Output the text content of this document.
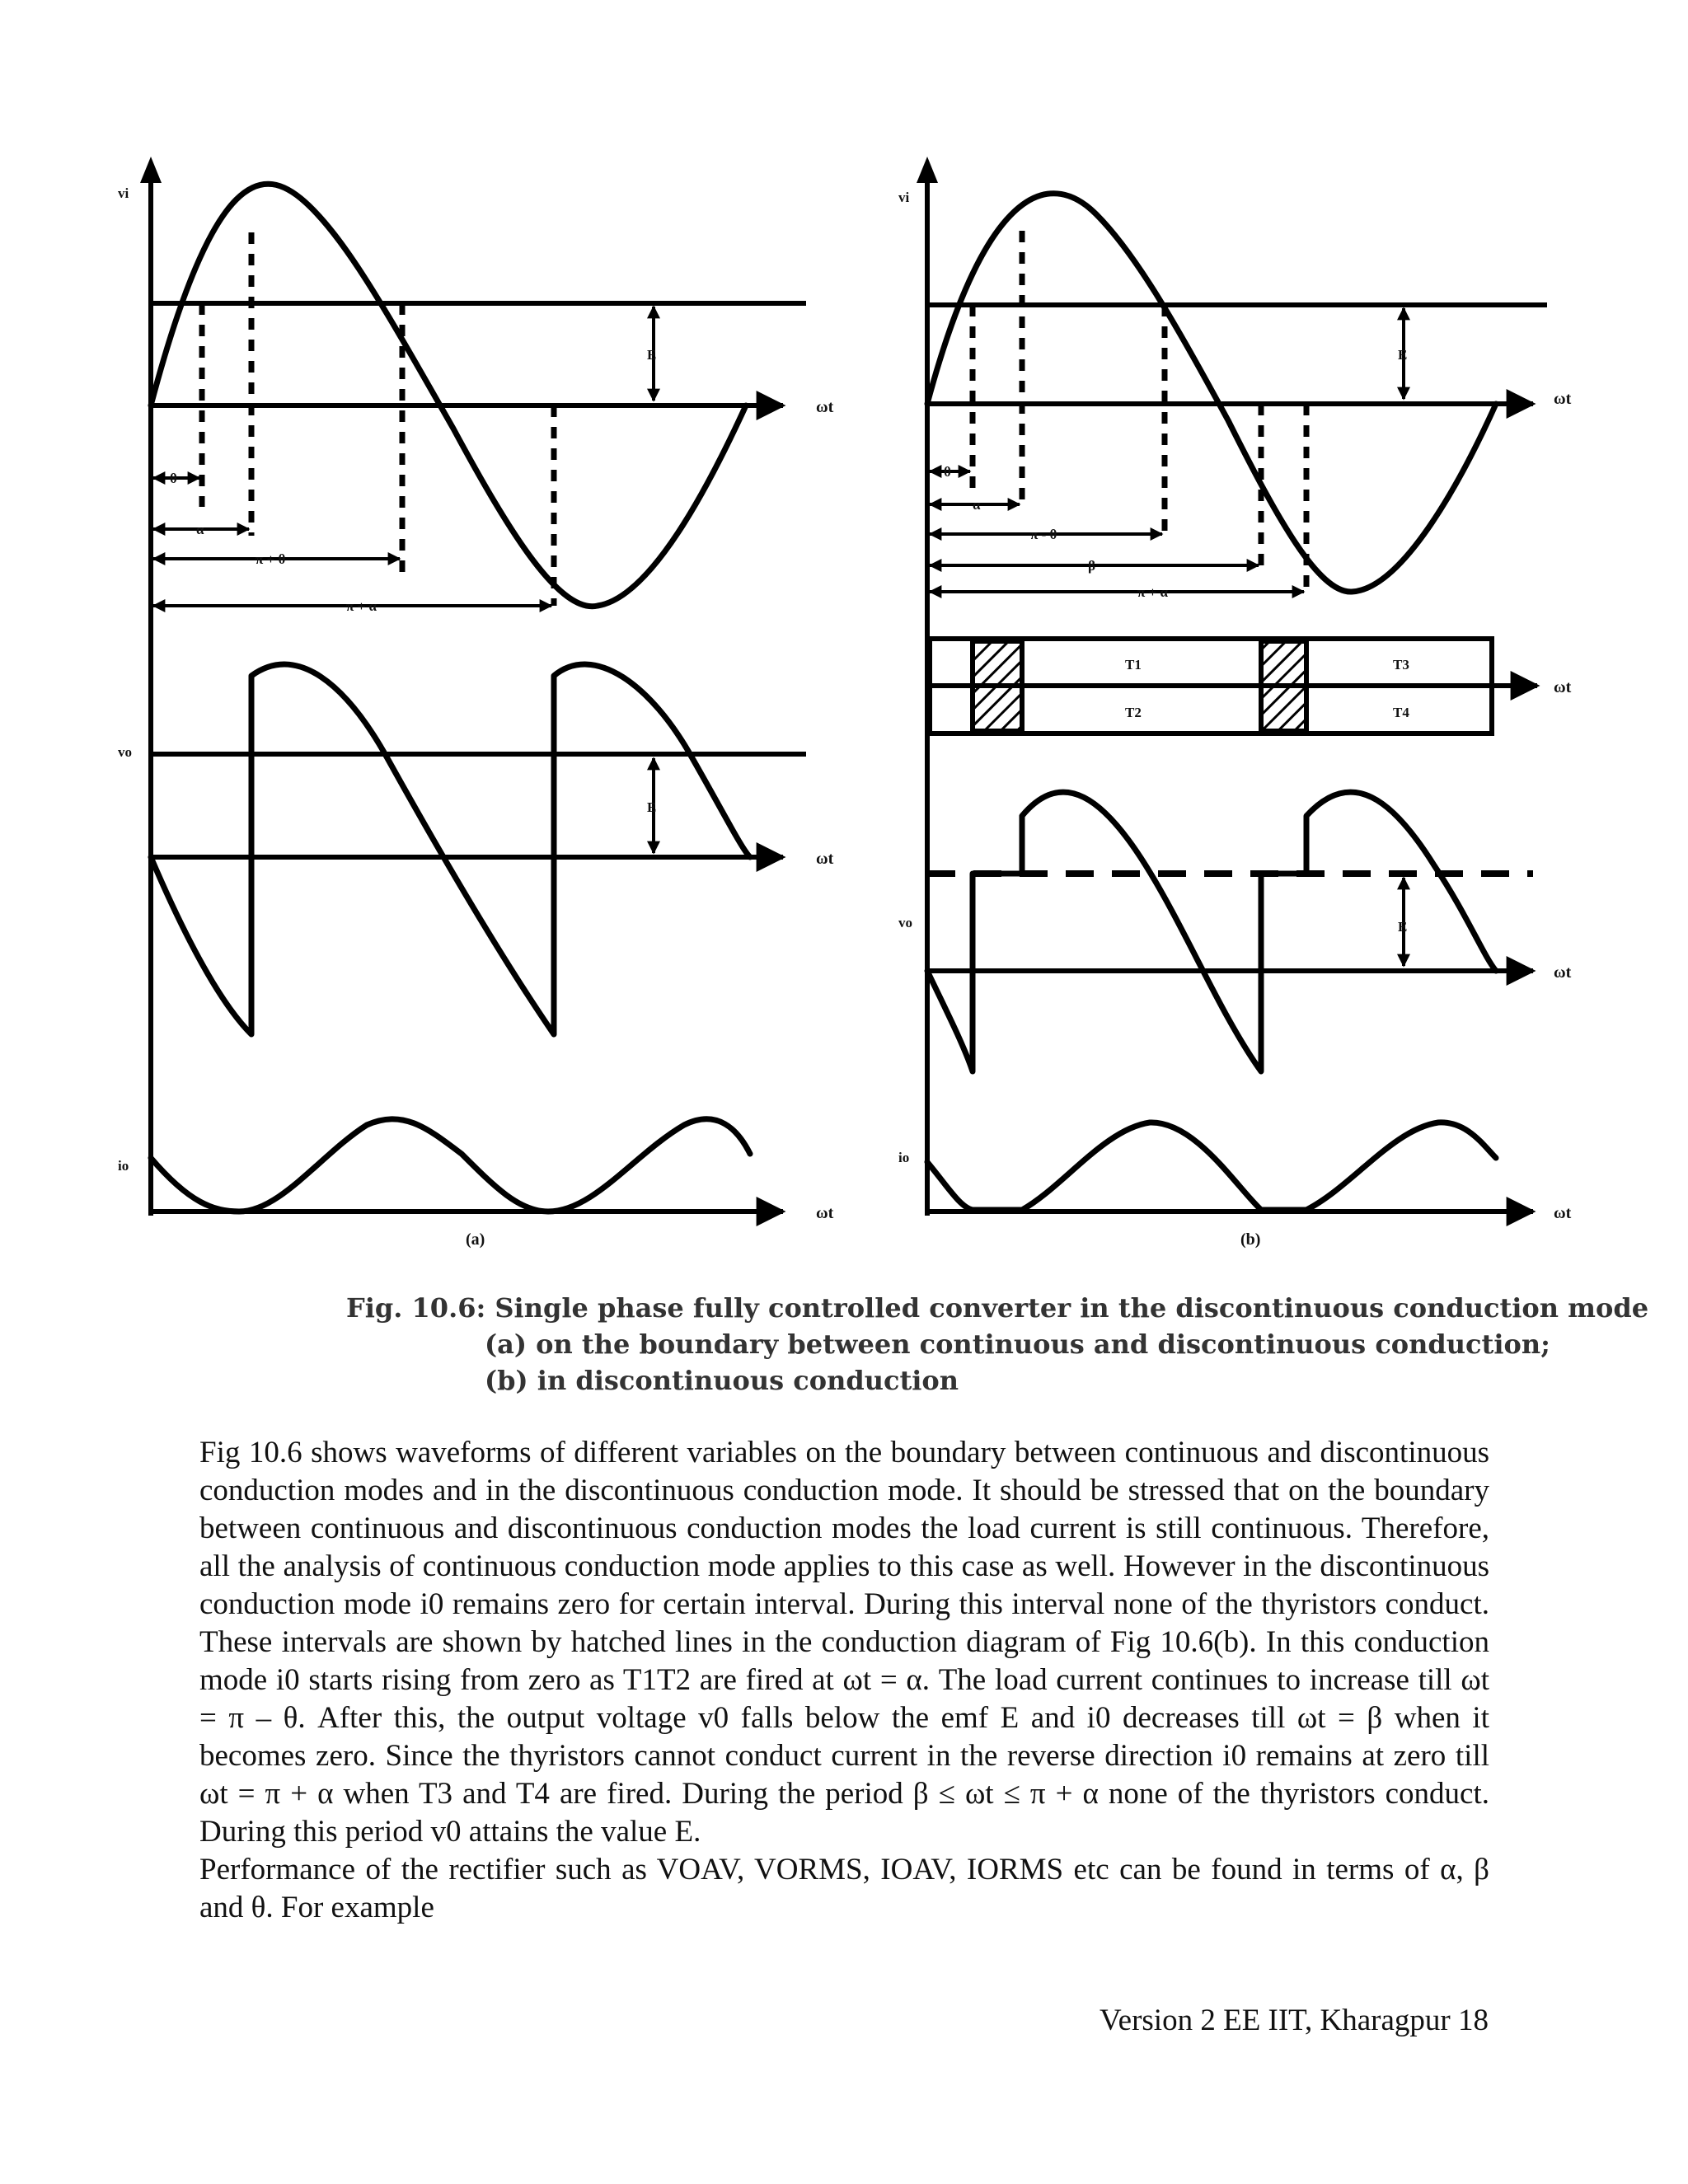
vi
ωt
E
θ
α
π + θ
π + α
vo
ωt
E
io
ωt
(a)
vi
ωt
E
θ
α
π - θ
β
π + α
ωt
T1
T2
T3
T4
vo
ωt
E
io
ωt
(b)
Fig. 10.6: Single phase fully controlled converter in the discontinuous conduction mode
(a) on the boundary between continuous and discontinuous conduction;
(b) in discontinuous conduction

Fig 10.6 shows waveforms of different variables on the boundary between continuous and discontinuous conduction modes and in the discontinuous conduction mode. It should be stressed that on the boundary between continuous and discontinuous conduction modes the load current is still continuous. Therefore, all the analysis of continuous conduction mode applies to this case as well. However in the discontinuous conduction mode i0 remains zero for certain interval. During this interval none of the thyristors conduct. These intervals are shown by hatched lines in the conduction diagram of Fig 10.6(b). In this conduction mode i0 starts rising from zero as T1T2 are fired at ωt = α. The load current continues to increase till ωt = π – θ. After this, the output voltage v0 falls below the emf E and i0 decreases till ωt = β when it becomes zero. Since the thyristors cannot conduct current in the reverse direction i0 remains at zero till ωt = π + α when T3 and T4 are fired. During the period β ≤ ωt ≤ π + α none of the thyristors conduct. During this period v0 attains the value E.

Performance of the rectifier such as VOAV, VORMS, IOAV, IORMS etc can be found in terms of α, β and θ. For example

Version 2 EE IIT, Kharagpur 18
